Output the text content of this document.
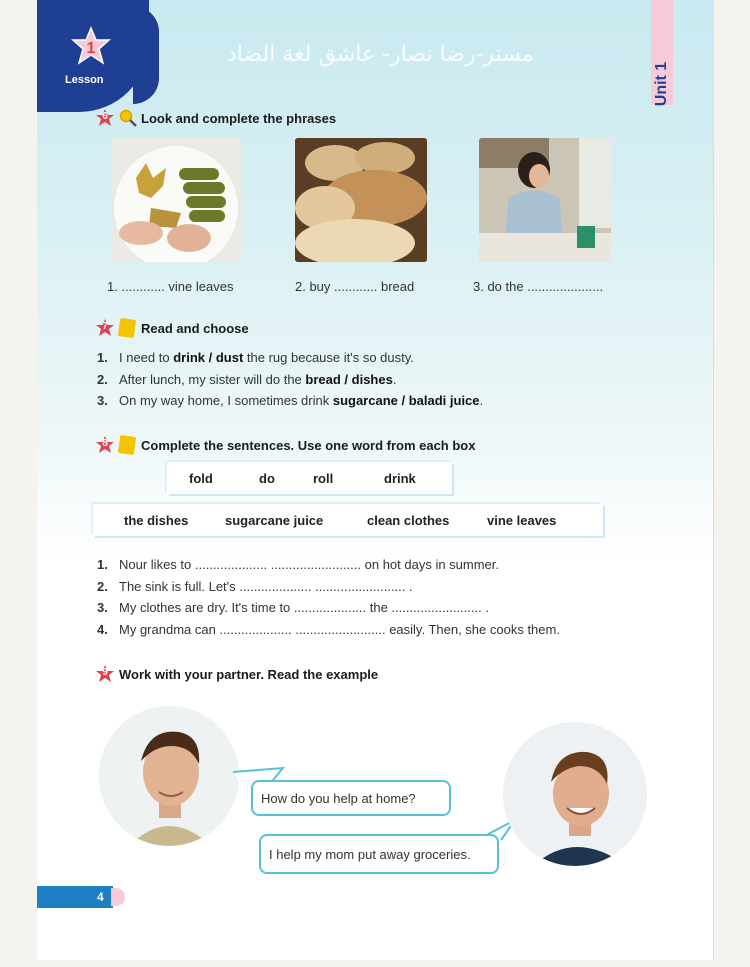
1
Lesson
مستر-رضا نصار- عاشق لغة الضاد
Unit 1
6	Look and complete the phrases
1. ............ vine leaves	2. buy ............ bread	3. do the .....................
7	Read and choose
1. I need to drink / dust the rug because it's so dusty.
2. After lunch, my sister will do the bread / dishes.
3. On my way home, I sometimes drink sugarcane / baladi juice.
8	Complete the sentences. Use one word from each box
fold	do	roll	drink
the dishes	sugarcane juice	clean clothes	vine leaves
1. Nour likes to .................... ......................... on hot days in summer.
2. The sink is full. Let's .................... ......................... .
3. My clothes are dry. It's time to .................... the ......................... .
4. My grandma can .................... ......................... easily. Then, she cooks them.
9 Work with your partner. Read the example
How do you help at home?
I help my mom put away groceries.
4
